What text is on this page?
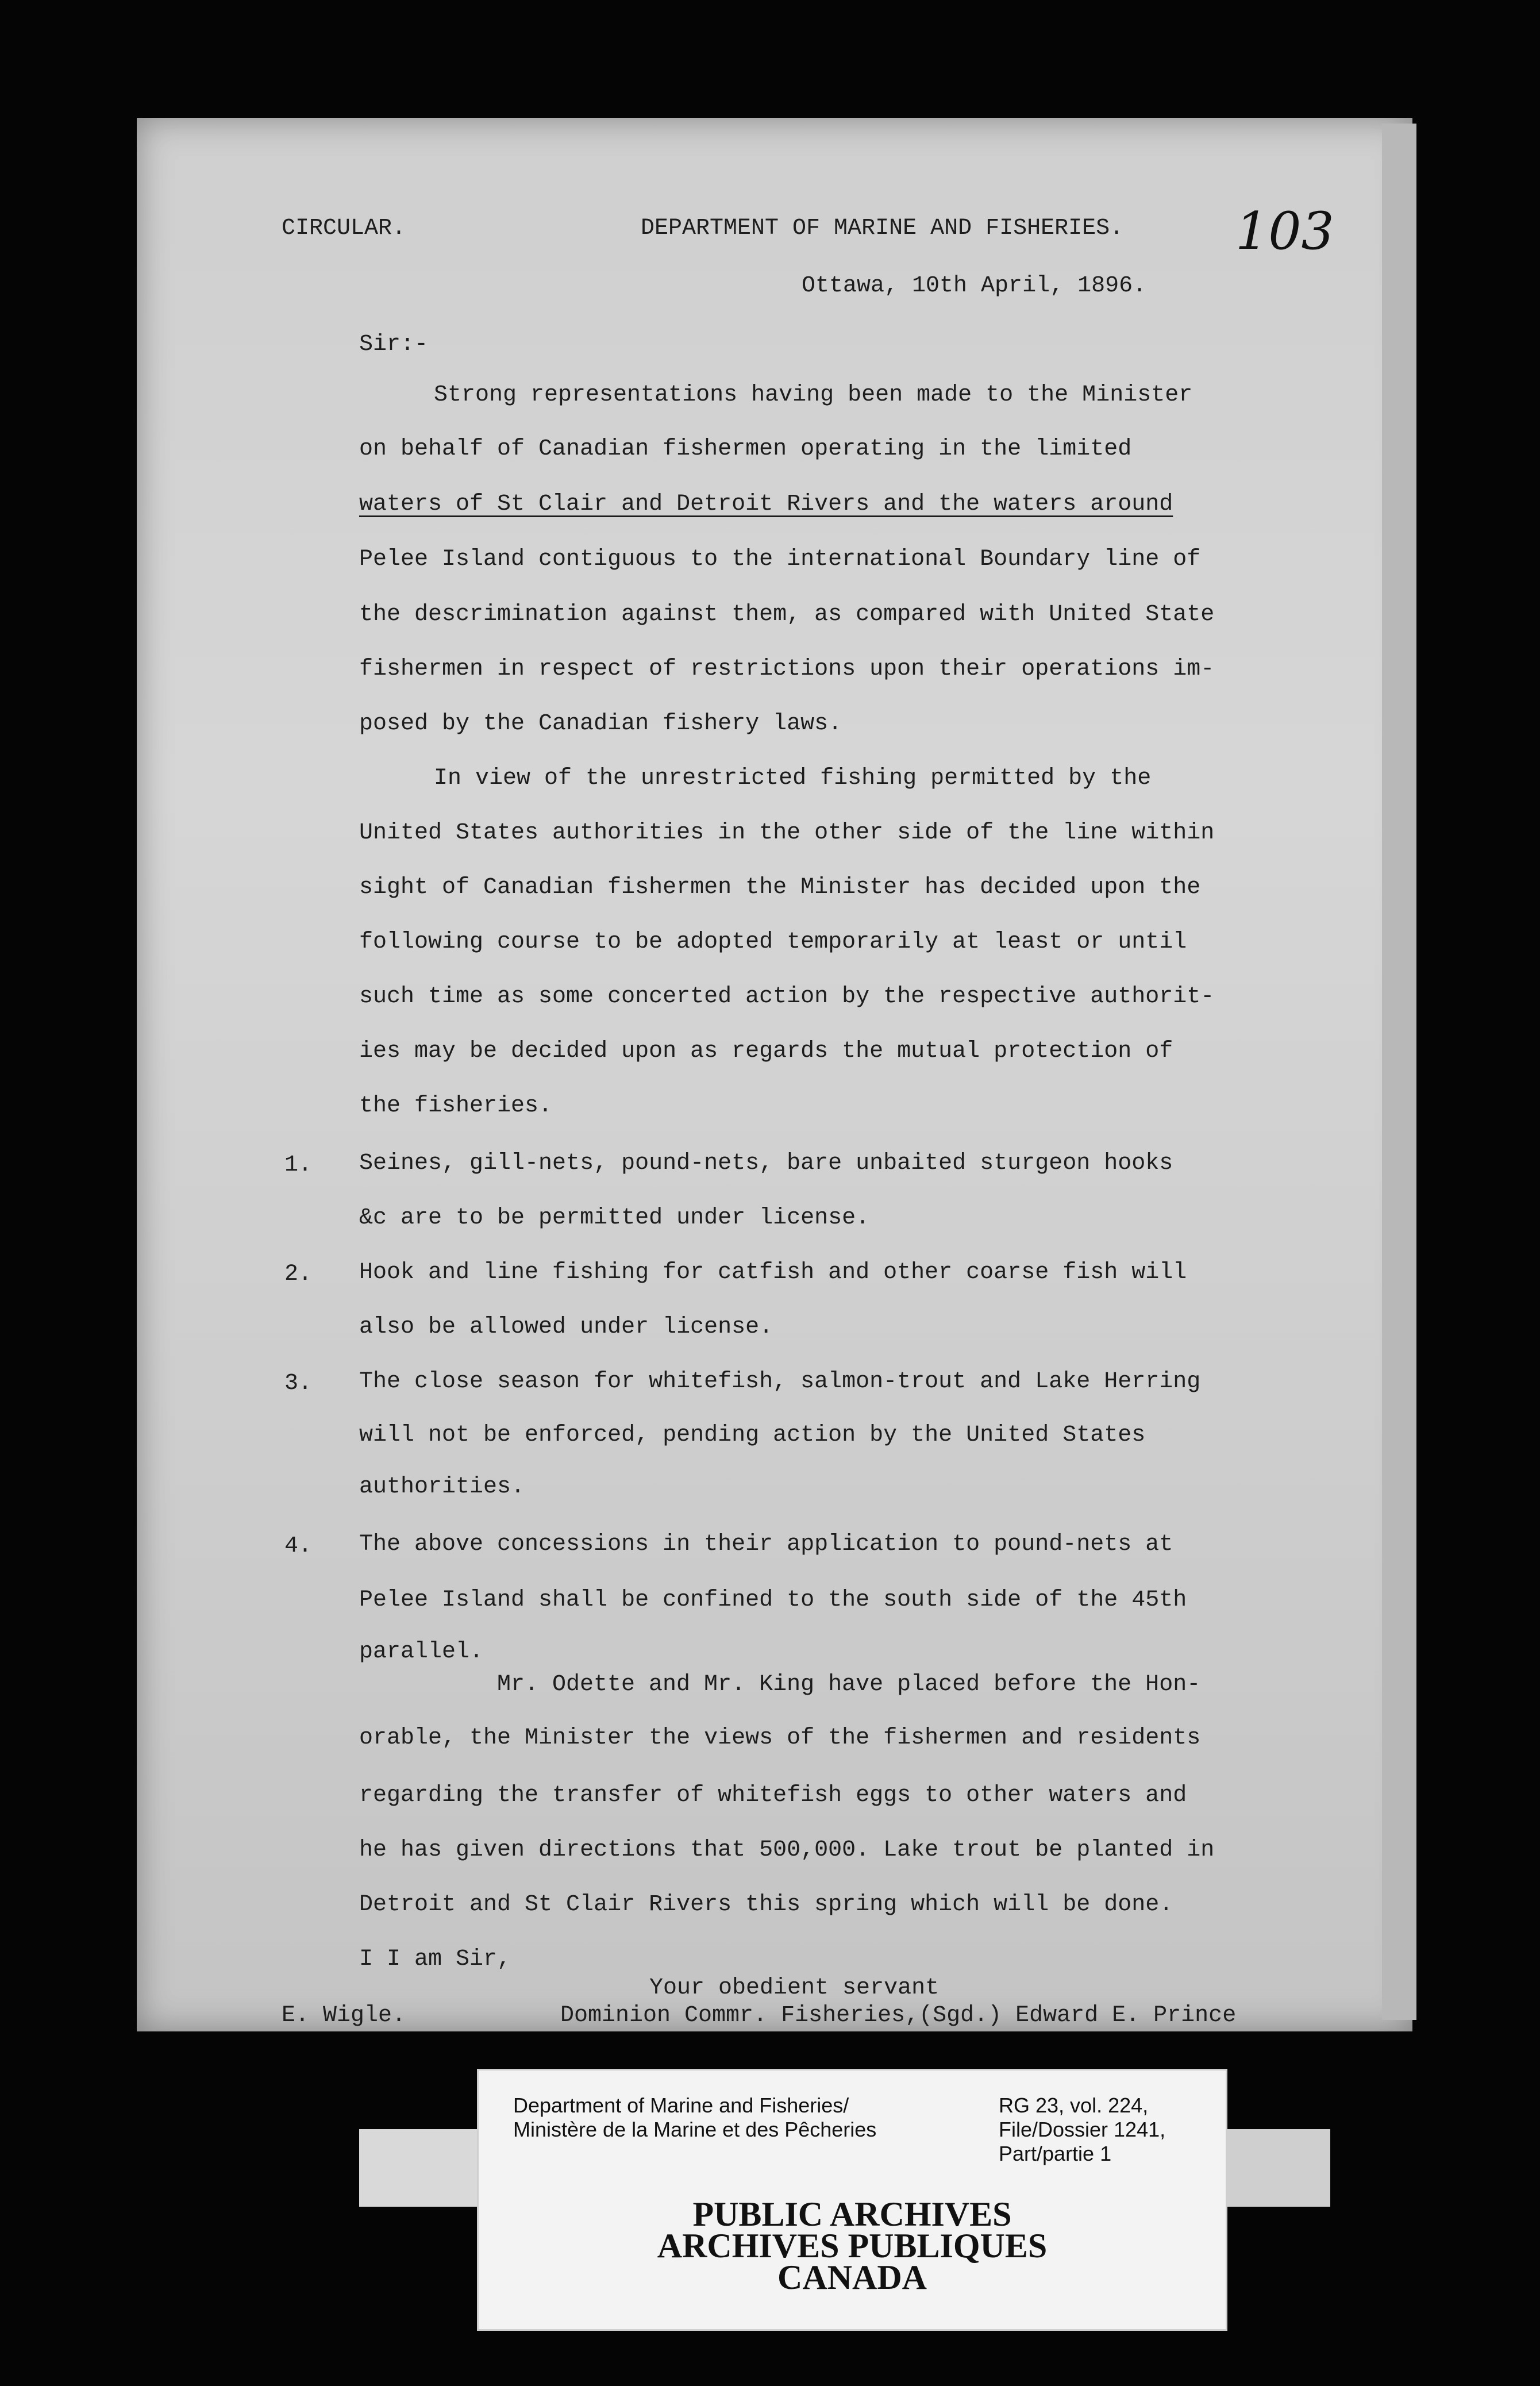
CIRCULAR.	DEPARTMENT OF MARINE AND FISHERIES. 103
Ottawa, 10th April, 1896.
Sir:-
Strong representations having been made to the Minister
on behalf of Canadian fishermen operating in the limited
waters of St Clair and Detroit Rivers and the waters around
Pelee Island contiguous to the international Boundary line of
the descrimination against them, as compared with United State
fishermen in respect of restrictions upon their operations im-
posed by the Canadian fishery laws.
In view of the unrestricted fishing permitted by the
United States authorities in the other side of the line within
sight of Canadian fishermen the Minister has decided upon the
following course to be adopted temporarily at least or until
such time as some concerted action by the respective authorit-
ies may be decided upon as regards the mutual protection of
the fisheries.
1. Seines, gill-nets, pound-nets, bare unbaited sturgeon hooks
&c are to be permitted under license.
2. Hook and line fishing for catfish and other coarse fish will
also be allowed under license.
3. The close season for whitefish, salmon-trout and Lake Herring
will not be enforced, pending action by the United States
authorities.
4. The above concessions in their application to pound-nets at
Pelee Island shall be confined to the south side of the 45th
parallel.
Mr. Odette and Mr. King have placed before the Hon-
orable, the Minister the views of the fishermen and residents
regarding the transfer of whitefish eggs to other waters and
he has given directions that 500,000. Lake trout be planted in
Detroit and St Clair Rivers this spring which will be done.
I I am Sir,
Your obedient servant
E. Wigle.	Dominion Commr. Fisheries,(Sgd.) Edward E. Prince
Department of Marine and Fisheries/
Ministère de la Marine et des Pêcheries
RG 23, vol. 224,
File/Dossier 1241,
Part/partie 1
PUBLIC ARCHIVES
ARCHIVES PUBLIQUES
CANADA
